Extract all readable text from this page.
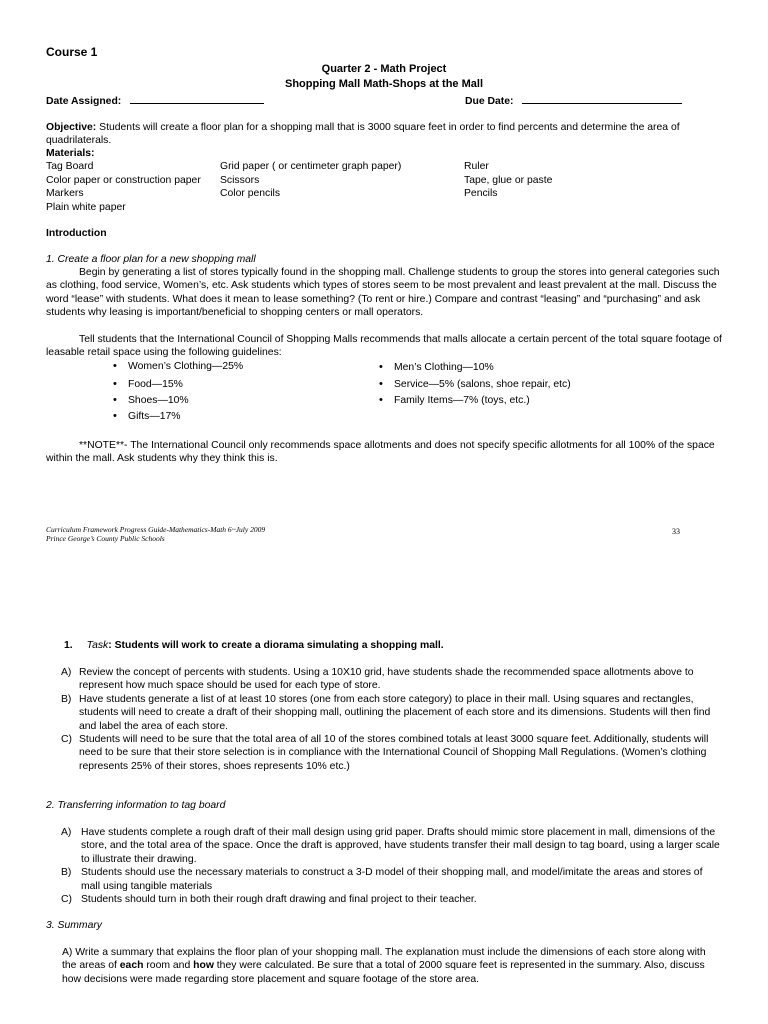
Course 1
Quarter 2 - Math Project
Shopping Mall Math-Shops at the Mall
Date Assigned:	Due Date:
Objective: Students will create a floor plan for a shopping mall that is 3000 square feet in order to find percents and determine the area of quadrilaterals.
Materials:
Tag Board
Color paper or construction paper
Markers
Plain white paper
Grid paper ( or centimeter graph paper)
Scissors
Color pencils
Ruler
Tape, glue or paste
Pencils
Introduction
1. Create a floor plan for a new shopping mall
Begin by generating a list of stores typically found in the shopping mall. Challenge students to group the stores into general categories such as clothing, food service, Women’s, etc. Ask students which types of stores seem to be most prevalent and least prevalent at the mall. Discuss the word “lease” with students. What does it mean to lease something? (To rent or hire.) Compare and contrast “leasing” and “purchasing” and ask students why leasing is important/beneficial to shopping centers or mall operators.
Tell students that the International Council of Shopping Malls recommends that malls allocate a certain percent of the total square footage of leasable retail space using the following guidelines:
• Women’s Clothing—25%
• Food—15%
• Shoes—10%
• Gifts—17%
• Men’s Clothing—10%
• Service—5% (salons, shoe repair, etc)
• Family Items—7% (toys, etc.)
**NOTE**- The International Council only recommends space allotments and does not specify specific allotments for all 100% of the space within the mall. Ask students why they think this is.
Curriculum Framework Progress Guide-Mathematics-Math 6~July 2009
Prince George’s County Public Schools
33
1. Task: Students will work to create a diorama simulating a shopping mall.
A) Review the concept of percents with students. Using a 10X10 grid, have students shade the recommended space allotments above to represent how much space should be used for each type of store.
B) Have students generate a list of at least 10 stores (one from each store category) to place in their mall. Using squares and rectangles, students will need to create a draft of their shopping mall, outlining the placement of each store and its dimensions. Students will then find and label the area of each store.
C) Students will need to be sure that the total area of all 10 of the stores combined totals at least 3000 square feet. Additionally, students will need to be sure that their store selection is in compliance with the International Council of Shopping Mall Regulations. (Women’s clothing represents 25% of their stores, shoes represents 10% etc.)
2. Transferring information to tag board
A) Have students complete a rough draft of their mall design using grid paper. Drafts should mimic store placement in mall, dimensions of the store, and the total area of the space. Once the draft is approved, have students transfer their mall design to tag board, using a larger scale to illustrate their drawing.
B) Students should use the necessary materials to construct a 3-D model of their shopping mall, and model/imitate the areas and stores of mall using tangible materials
C) Students should turn in both their rough draft drawing and final project to their teacher.
3. Summary
A) Write a summary that explains the floor plan of your shopping mall. The explanation must include the dimensions of each store along with the areas of each room and how they were calculated. Be sure that a total of 2000 square feet is represented in the summary. Also, discuss how decisions were made regarding store placement and square footage of the store area.
